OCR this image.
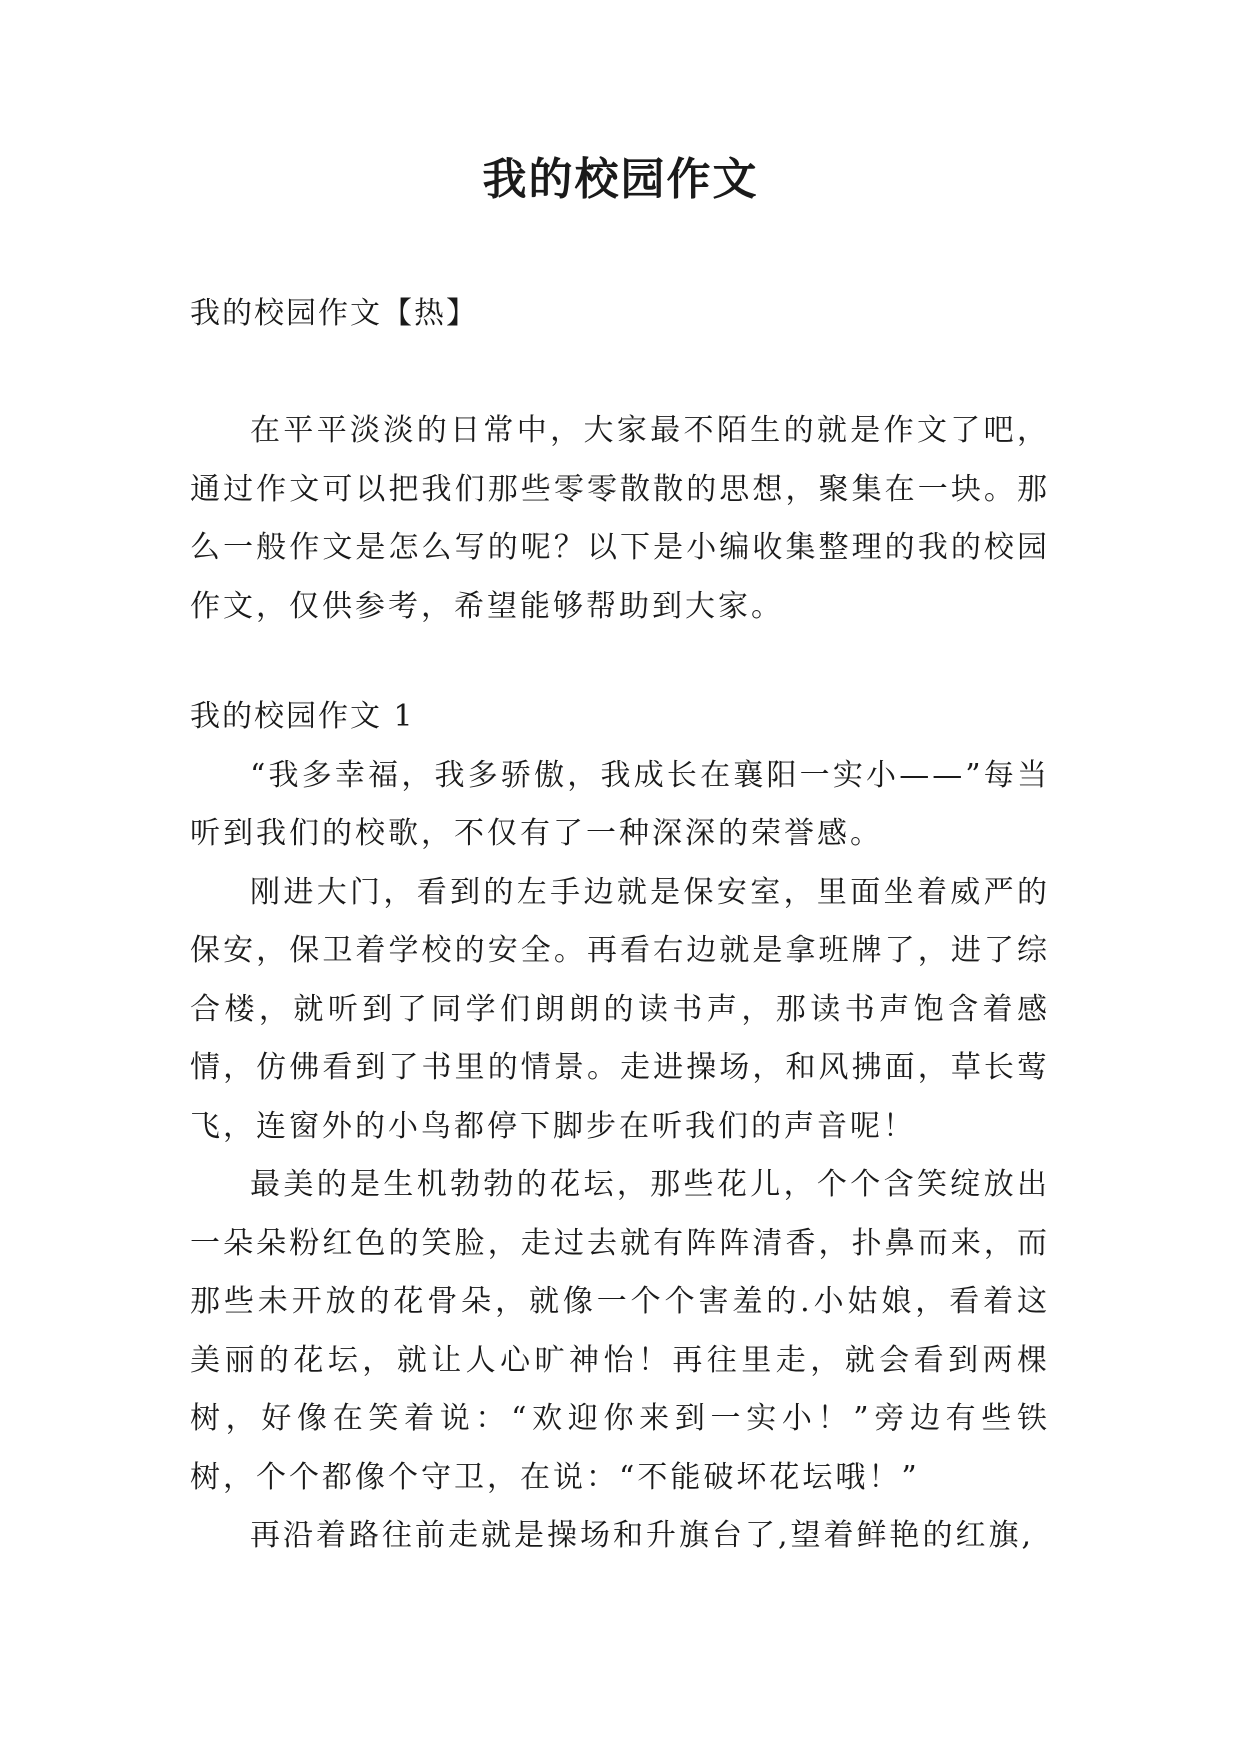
我的校园作文
我的校园作文【热】

在平平淡淡的日常中，大家最不陌生的就是作文了吧，通过作文可以把我们那些零零散散的思想，聚集在一块。那么一般作文是怎么写的呢？以下是小编收集整理的我的校园作文，仅供参考，希望能够帮助到大家。

我的校园作文 1

“我多幸福，我多骄傲，我成长在襄阳一实小——”每当听到我们的校歌，不仅有了一种深深的荣誉感。

刚进大门，看到的左手边就是保安室，里面坐着威严的保安，保卫着学校的安全。再看右边就是拿班牌了，进了综合楼，就听到了同学们朗朗的读书声，那读书声饱含着感情，仿佛看到了书里的情景。走进操场，和风拂面，草长莺飞，连窗外的小鸟都停下脚步在听我们的声音呢！

最美的是生机勃勃的花坛，那些花儿，个个含笑绽放出一朵朵粉红色的笑脸，走过去就有阵阵清香，扑鼻而来，而那些未开放的花骨朵，就像一个个害羞的.小姑娘，看着这美丽的花坛，就让人心旷神怡！再往里走，就会看到两棵树，好像在笑着说：“欢迎你来到一实小！”旁边有些铁树，个个都像个守卫，在说：“不能破坏花坛哦！”

再沿着路往前走就是操场和升旗台了,望着鲜艳的红旗,
